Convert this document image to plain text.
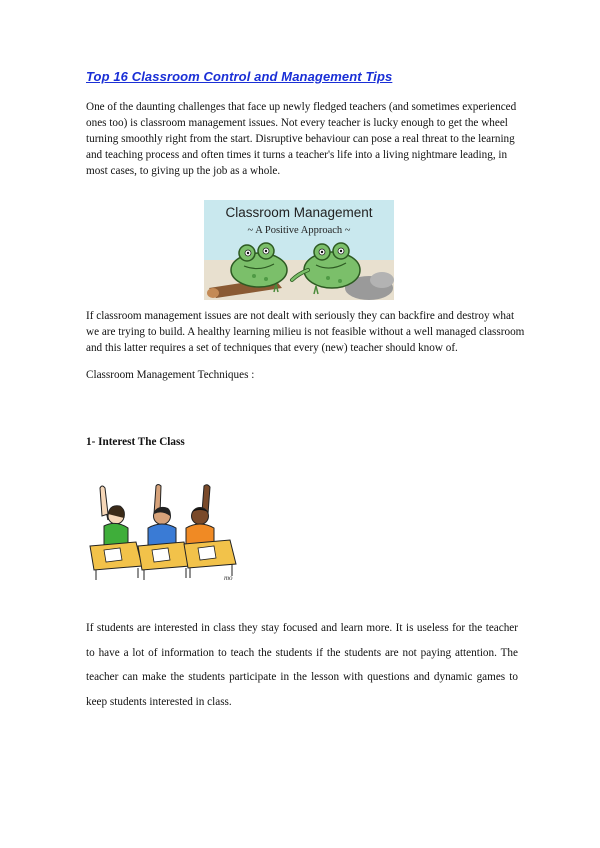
Top 16 Classroom Control and Management Tips

One of the daunting challenges that face up newly fledged teachers (and sometimes experienced ones too) is classroom management issues. Not every teacher is lucky enough to get the wheel turning smoothly right from the start. Disruptive behaviour can pose a real threat to the learning and teaching process and often times it turns a teacher's life into a living nightmare leading, in most cases, to giving up the job as a whole.

Classroom Management
~ A Positive Approach ~

If classroom management issues are not dealt with seriously they can backfire and destroy what we are trying to build. A healthy learning milieu is not feasible without a well managed classroom and this latter requires a set of techniques that every (new) teacher should know of.

Classroom Management Techniques :

1- Interest The Class

mo

If students are interested in class they stay focused and learn more. It is useless for the teacher to have a lot of information to teach the students if the students are not paying attention. The teacher can make the students participate in the lesson with questions and dynamic games to keep students interested in class.
